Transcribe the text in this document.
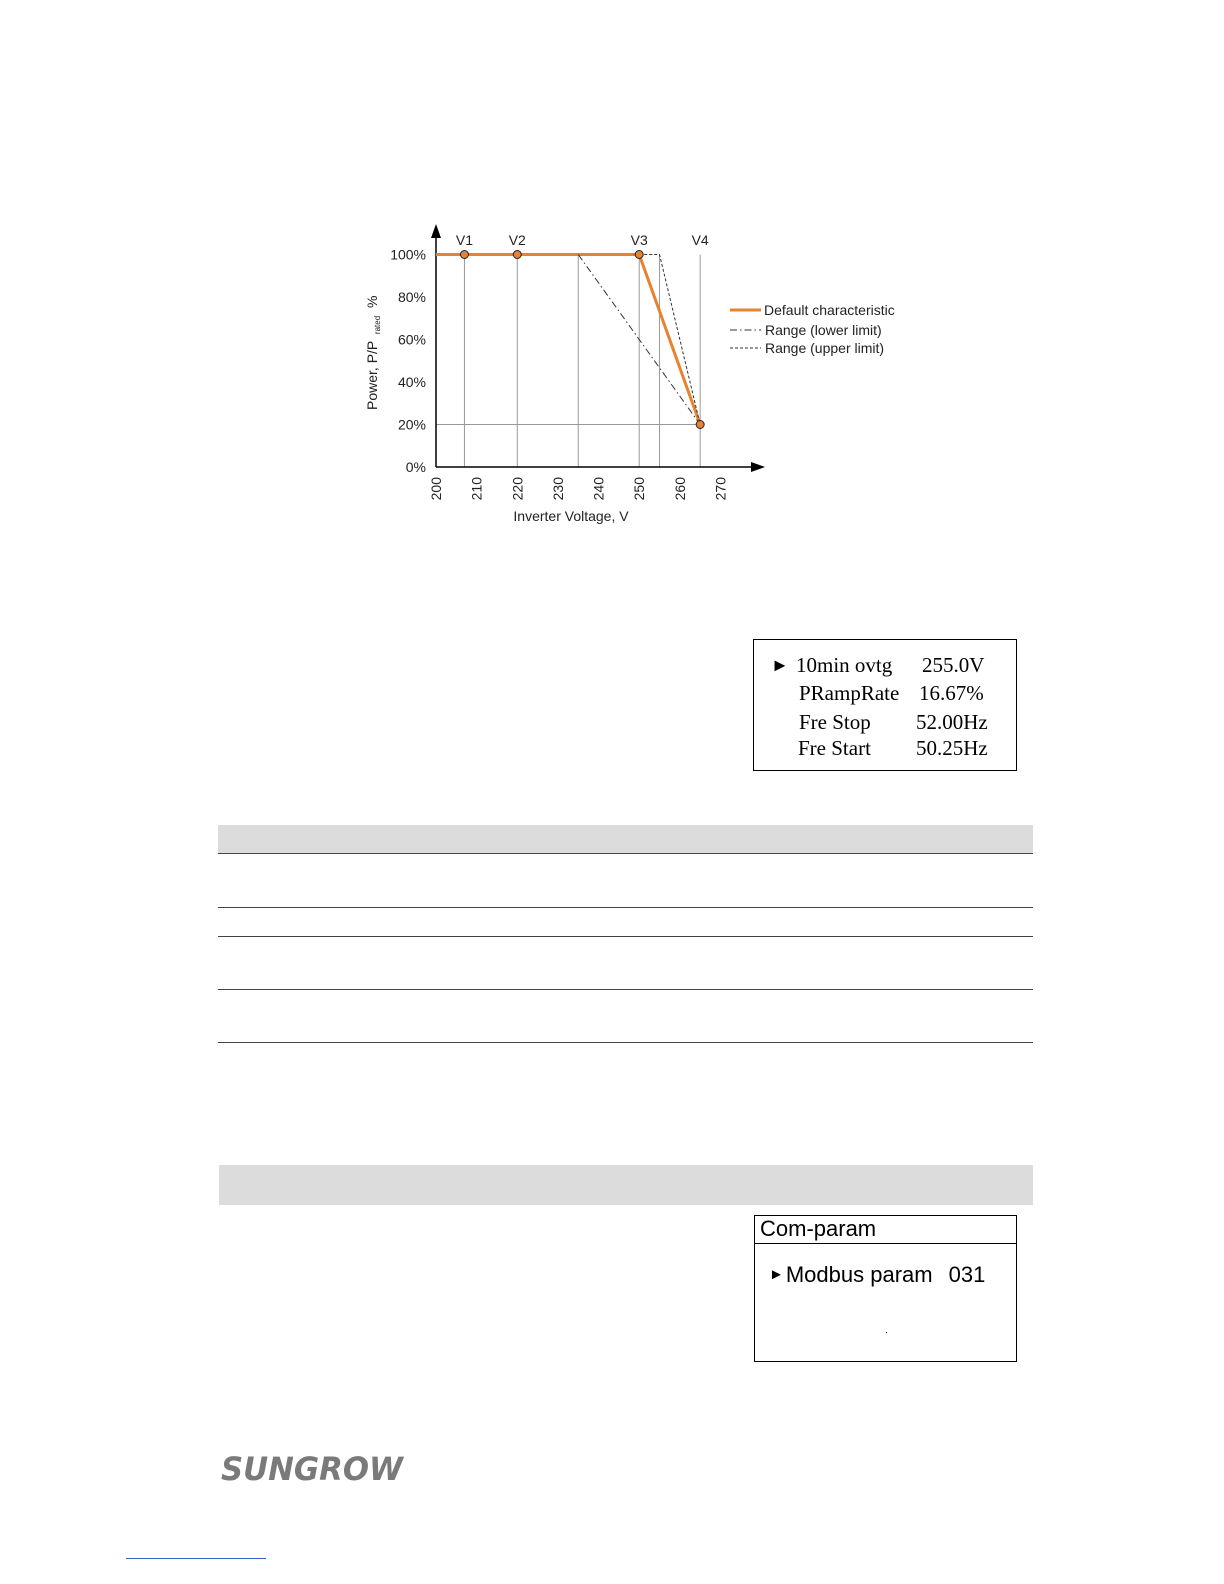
0%
20%
40%
60%
80%
100%
200 210 220 230 240 250 260 270
V1	V2	V3	V4
Inverter Voltage, V
Power, P/P $_{rated}$ %
Default characteristic
Range (lower limit)
Range (upper limit)
► 10min ovtg 255.0V
PRampRate 16.67%
Fre Stop 52.00Hz
Fre Start 50.25Hz
Com-param
►Modbus param 031
SUNGROW
